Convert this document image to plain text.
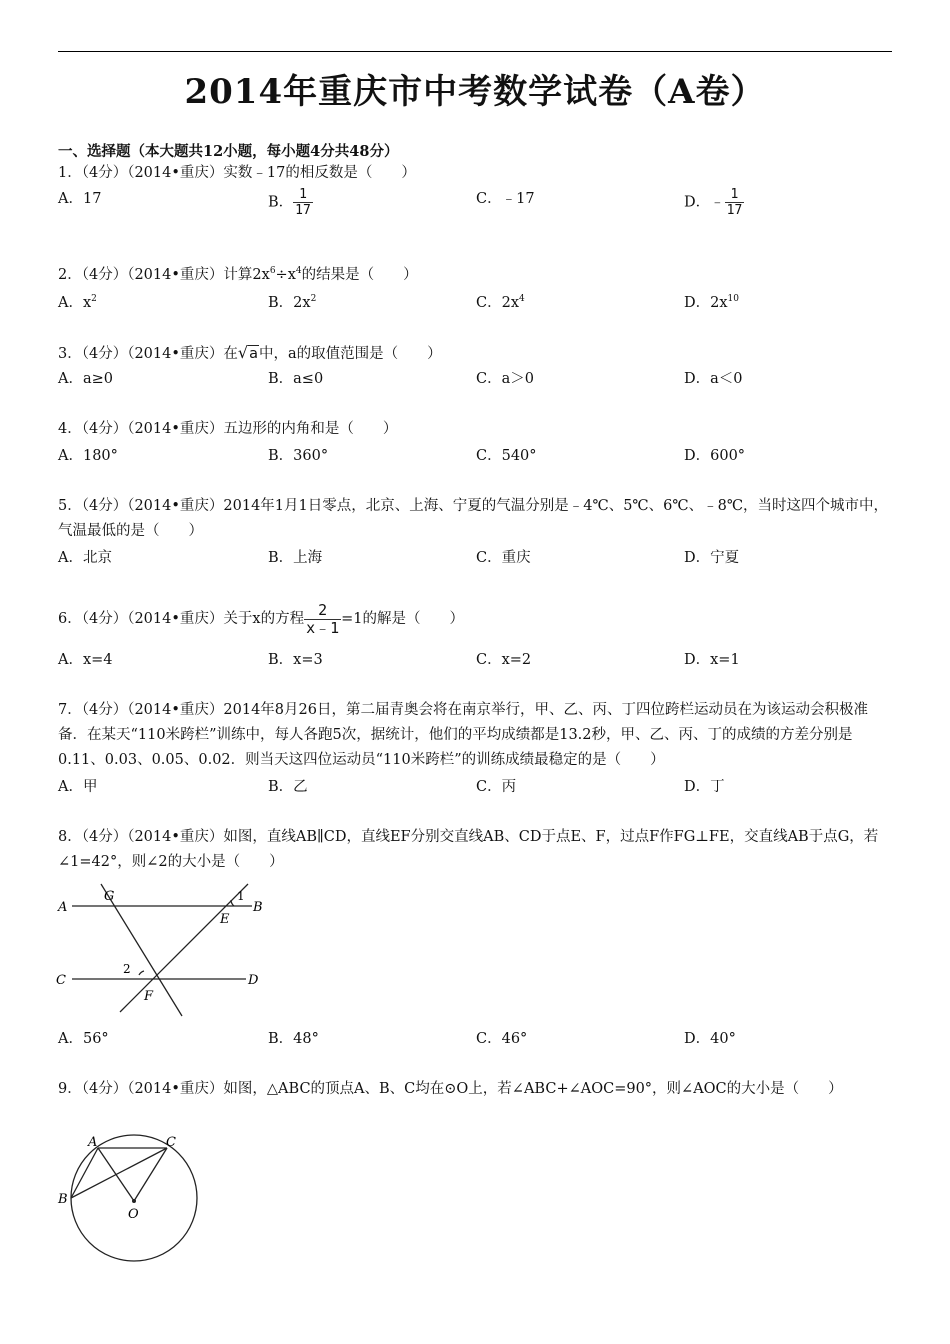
2014年重庆市中考数学试卷（A卷）
一、选择题（本大题共12小题，每小题4分共48分）
1．（4分）（2014•重庆）实数﹣17的相反数是（　　）
A．17	B． $\frac{1}{17}$	C．﹣17	D．﹣ $\frac{1}{17}$
2．（4分）（2014•重庆）计算$2x^6\div x^4$的结果是（　　）
A．$x^2$	B．$2x^2$	C．$2x^4$	D．$2x^{10}$
3．（4分）（2014•重庆）在√a中，a的取值范围是（　　）
A．a≥0	B．a≤0	C．a＞0	D．a＜0
4．（4分）（2014•重庆）五边形的内角和是（　　）
A．180°	B．360°	C．540°	D．600°
5．（4分）（2014•重庆）2014年1月1日零点，北京、上海、宁夏的气温分别是﹣4℃、5℃、6℃、﹣8℃，当时这四个城市中，气温最低的是（　　）
A．北京	B．上海	C．重庆	D．宁夏
6．（4分）（2014•重庆）关于x的方程 $\frac{2}{x﹣1} =1$的解是（　　）
A．x=4	B．x=3	C．x=2	D．x=1
7．（4分）（2014•重庆）2014年8月26日，第二届青奥会将在南京举行，甲、乙、丙、丁四位跨栏运动员在为该运动会积极准备．在某天“110米跨栏”训练中，每人各跑5次，据统计，他们的平均成绩都是13.2秒，甲、乙、丙、丁的成绩的方差分别是0.11、0.03、0.05、0.02．则当天这四位运动员“110米跨栏”的训练成绩最稳定的是（　　）
A．甲	B．乙	C．丙	D．丁
8．（4分）（2014•重庆）如图，直线AB∥CD，直线EF分别交直线AB、CD于点E、F，过点F作FG⊥FE，交直线AB于点G，若∠1=42°，则∠2的大小是（　　）
A
G	1
B
E
C
2
D
F
A．56°	B．48°	C．46°	D．40°
9．（4分）（2014•重庆）如图，△ABC的顶点A、B、C均在⊙O上，若∠ABC+∠AOC=90°，则∠AOC的大小是（　　）
A	C
B
O
